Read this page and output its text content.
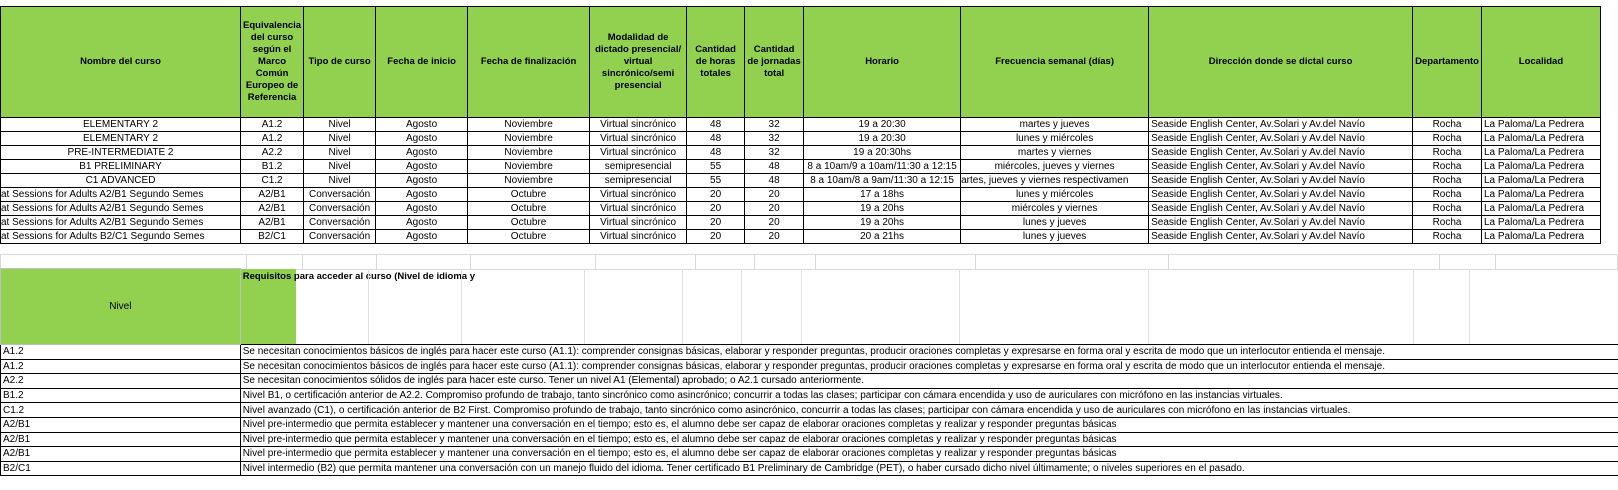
Nombre del curso	Equivalencia del curso según el Marco Común Europeo de Referencia	Tipo de curso	Fecha de inicio	Fecha de finalización	Modalidad de dictado presencial/ virtual sincrónico/semi presencial	Cantidad de horas totales	Cantidad de jornadas total	Horario	Frecuencia semanal (días)	Dirección donde se dictal curso	Departamento	Localidad
ELEMENTARY 2	A1.2	Nivel	Agosto	Noviembre	Virtual sincrónico	48	32	19 a 20:30	martes y jueves	Seaside English Center, Av.Solari y Av.del Navío	Rocha	La Paloma/La Pedrera
ELEMENTARY 2	A1.2	Nivel	Agosto	Noviembre	Virtual sincrónico	48	32	19 a 20:30	lunes y miércoles	Seaside English Center, Av.Solari y Av.del Navío	Rocha	La Paloma/La Pedrera
PRE-INTERMEDIATE 2	A2.2	Nivel	Agosto	Noviembre	Virtual sincrónico	48	32	19 a 20:30hs	martes y viernes	Seaside English Center, Av.Solari y Av.del Navío	Rocha	La Paloma/La Pedrera
B1 PRELIMINARY	B1.2	Nivel	Agosto	Noviembre	semipresencial	55	48	8 a 10am/9 a 10am/11:30 a 12:15	miércoles, jueves y viernes	Seaside English Center, Av.Solari y Av.del Navío	Rocha	La Paloma/La Pedrera
C1 ADVANCED	C1.2	Nivel	Agosto	Noviembre	semipresencial	55	48	8 a 10am/8 a 9am/11:30 a 12:15	artes, jueves y viernes respectivamen	Seaside English Center, Av.Solari y Av.del Navío	Rocha	La Paloma/La Pedrera
at Sessions for Adults A2/B1 Segundo Semes	A2/B1	Conversación	Agosto	Octubre	Virtual sincrónico	20	20	17 a 18hs	lunes y miércoles	Seaside English Center, Av.Solari y Av.del Navío	Rocha	La Paloma/La Pedrera
at Sessions for Adults A2/B1 Segundo Semes	A2/B1	Conversación	Agosto	Octubre	Virtual sincrónico	20	20	19 a 20hs	miércoles y viernes	Seaside English Center, Av.Solari y Av.del Navío	Rocha	La Paloma/La Pedrera
at Sessions for Adults A2/B1 Segundo Semes	A2/B1	Conversación	Agosto	Octubre	Virtual sincrónico	20	20	19 a 20hs	lunes y jueves	Seaside English Center, Av.Solari y Av.del Navío	Rocha	La Paloma/La Pedrera
at Sessions for Adults B2/C1 Segundo Semes	B2/C1	Conversación	Agosto	Octubre	Virtual sincrónico	20	20	20 a 21hs	lunes y jueves	Seaside English Center, Av.Solari y Av.del Navío	Rocha	La Paloma/La Pedrera

Nivel	Requisitos para acceder al curso (Nivel de idioma y

A1.2	Se necesitan conocimientos básicos de inglés para hacer este curso (A1.1): comprender consignas básicas, elaborar y responder preguntas, producir oraciones completas y expresarse en forma oral y escrita de modo que un interlocutor entienda el mensaje.
A1.2	Se necesitan conocimientos básicos de inglés para hacer este curso (A1.1): comprender consignas básicas, elaborar y responder preguntas, producir oraciones completas y expresarse en forma oral y escrita de modo que un interlocutor entienda el mensaje.
A2.2	Se necesitan conocimientos sólidos de inglés para hacer este curso. Tener un nivel A1 (Elemental) aprobado; o A2.1 cursado anteriormente.
B1.2	Nivel B1, o certificación anterior de A2.2. Compromiso profundo de trabajo, tanto sincrónico como asincrónico; concurrir a todas las clases; participar con cámara encendida y uso de auriculares con micrófono en las instancias virtuales.
C1.2	Nivel avanzado (C1), o certificación anterior de B2 First. Compromiso profundo de trabajo, tanto sincrónico como asincrónico, concurrir a todas las clases; participar con cámara encendida y uso de auriculares con micrófono en las instancias virtuales.
A2/B1	Nivel pre-intermedio que permita establecer y mantener una conversación en el tiempo; esto es, el alumno debe ser capaz de elaborar oraciones completas y realizar y responder preguntas básicas
A2/B1	Nivel pre-intermedio que permita establecer y mantener una conversación en el tiempo; esto es, el alumno debe ser capaz de elaborar oraciones completas y realizar y responder preguntas básicas
A2/B1	Nivel pre-intermedio que permita establecer y mantener una conversación en el tiempo; esto es, el alumno debe ser capaz de elaborar oraciones completas y realizar y responder preguntas básicas
B2/C1	Nivel intermedio (B2) que permita mantener una conversación con un manejo fluido del idioma. Tener certificado B1 Preliminary de Cambridge (PET), o haber cursado dicho nivel últimamente; o niveles superiores en el pasado.
